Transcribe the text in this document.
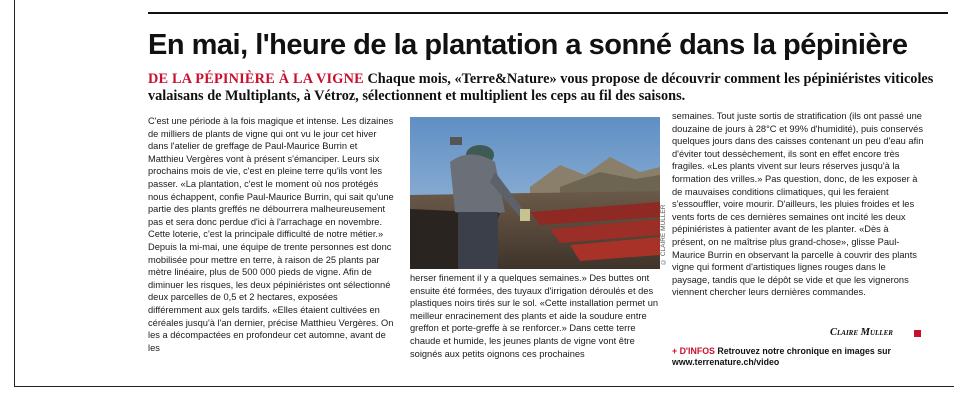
En mai, l'heure de la plantation a sonné dans la pépinière

DE LA PÉPINIÈRE À LA VIGNE Chaque mois, «Terre&Nature» vous propose de découvrir comment les pépiniéristes viticoles valaisans de Multiplants, à Vétroz, sélectionnent et multiplient les ceps au fil des saisons.

C'est une période à la fois magique et intense. Les dizaines de milliers de plants de vigne qui ont vu le jour cet hiver dans l'atelier de greffage de Paul-Maurice Burrin et Matthieu Vergères vont à présent s'émanciper. Leurs six prochains mois de vie, c'est en pleine terre qu'ils vont les passer. «La plantation, c'est le moment où nos protégés nous échappent, confie Paul-Maurice Burrin, qui sait qu'une partie des plants greffés ne débourrera malheureusement pas et sera donc perdue d'ici à l'arrachage en novembre. Cette loterie, c'est la principale difficulté de notre métier.» Depuis la mi-mai, une équipe de trente personnes est donc mobilisée pour mettre en terre, à raison de 25 plants par mètre linéaire, plus de 500 000 pieds de vigne. Afin de diminuer les risques, les deux pépiniéristes ont sélectionné deux parcelles de 0,5 et 2 hectares, exposées différemment aux gels tardifs. «Elles étaient cultivées en céréales jusqu'à l'an dernier, précise Matthieu Vergères. On les a décompactées en profondeur cet automne, avant de les

© CLAIRE MULLER

herser finement il y a quelques semaines.» Des buttes ont ensuite été formées, des tuyaux d'irrigation déroulés et des plastiques noirs tirés sur le sol. «Cette installation permet un meilleur enracinement des plants et aide la soudure entre greffon et porte-greffe à se renforcer.» Dans cette terre chaude et humide, les jeunes plants de vigne vont être soignés aux petits oignons ces prochaines

semaines. Tout juste sortis de stratification (ils ont passé une douzaine de jours à 28°C et 99% d'humidité), puis conservés quelques jours dans des caisses contenant un peu d'eau afin d'éviter tout dessèchement, ils sont en effet encore très fragiles. «Les plants vivent sur leurs réserves jusqu'à la formation des vrilles.» Pas question, donc, de les exposer à de mauvaises conditions climatiques, qui les feraient s'essouffler, voire mourir. D'ailleurs, les pluies froides et les vents forts de ces dernières semaines ont incité les deux pépiniéristes à patienter avant de les planter. «Dès à présent, on ne maîtrise plus grand-chose», glisse Paul-Maurice Burrin en observant la parcelle à couvrir des plants vigne qui forment d'artistiques lignes rouges dans le paysage, tandis que le dépôt se vide et que les vignerons viennent chercher leurs dernières commandes.

Claire Muller
+ D'INFOS Retrouvez notre chronique en images sur www.terrenature.ch/video
